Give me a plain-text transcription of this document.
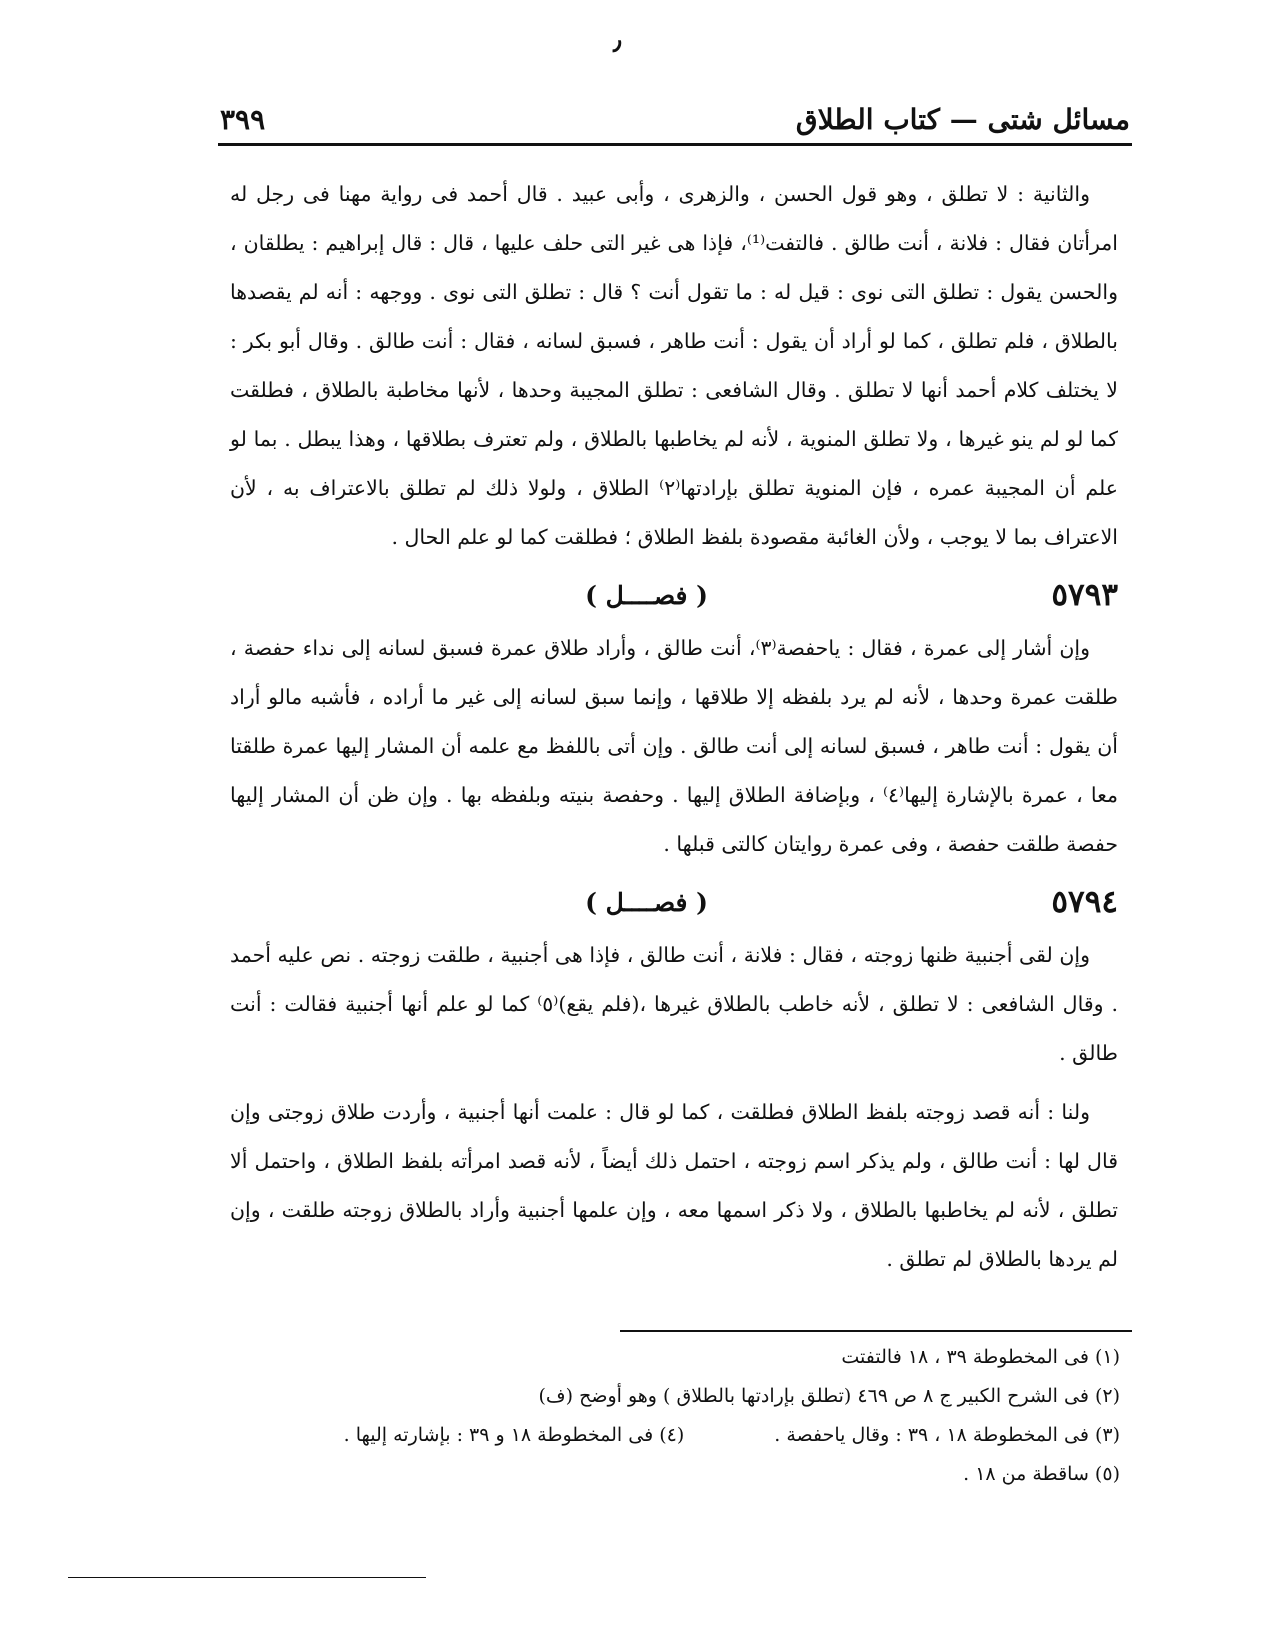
٫
مسائل شتى — كتاب الطلاق
٣٩٩

والثانية : لا تطلق ، وهو قول الحسن ، والزهرى ، وأبى عبيد . قال أحمد فى رواية مهنا فى رجل له امرأتان فقال : فلانة ، أنت طالق . فالتفت⁽¹⁾، فإذا هى غير التى حلف عليها ، قال : قال إبراهيم : يطلقان ، والحسن يقول : تطلق التى نوى : قيل له : ما تقول أنت ؟ قال : تطلق التى نوى . ووجهه : أنه لم يقصدها بالطلاق ، فلم تطلق ، كما لو أراد أن يقول : أنت طاهر ، فسبق لسانه ، فقال : أنت طالق . وقال أبو بكر : لا يختلف كلام أحمد أنها لا تطلق . وقال الشافعى : تطلق المجيبة وحدها ، لأنها مخاطبة بالطلاق ، فطلقت كما لو لم ينو غيرها ، ولا تطلق المنوية ، لأنه لم يخاطبها بالطلاق ، ولم تعترف بطلاقها ، وهذا يبطل . بما لو علم أن المجيبة عمره ، فإن المنوية تطلق بإرادتها⁽٢⁾ الطلاق ، ولولا ذلك لم تطلق بالاعتراف به ، لأن الاعتراف بما لا يوجب ، ولأن الغائبة مقصودة بلفظ الطلاق ؛ فطلقت كما لو علم الحال .

٥٧٩٣
( فصــــل )

وإن أشار إلى عمرة ، فقال : ياحفصة⁽٣⁾، أنت طالق ، وأراد طلاق عمرة فسبق لسانه إلى نداء حفصة ، طلقت عمرة وحدها ، لأنه لم يرد بلفظه إلا طلاقها ، وإنما سبق لسانه إلى غير ما أراده ، فأشبه مالو أراد أن يقول : أنت طاهر ، فسبق لسانه إلى أنت طالق . وإن أتى باللفظ مع علمه أن المشار إليها عمرة طلقتا معا ، عمرة بالإشارة إليها⁽٤⁾ ، وبإضافة الطلاق إليها . وحفصة بنيته وبلفظه بها . وإن ظن أن المشار إليها حفصة طلقت حفصة ، وفى عمرة روايتان كالتى قبلها .

٥٧٩٤
( فصــــل )

وإن لقى أجنبية ظنها زوجته ، فقال : فلانة ، أنت طالق ، فإذا هى أجنبية ، طلقت زوجته . نص عليه أحمد . وقال الشافعى : لا تطلق ، لأنه خاطب بالطلاق غيرها ،(فلم يقع)⁽٥⁾ كما لو علم أنها أجنبية فقالت : أنت طالق .

ولنا : أنه قصد زوجته بلفظ الطلاق فطلقت ، كما لو قال : علمت أنها أجنبية ، وأردت طلاق زوجتى وإن قال لها : أنت طالق ، ولم يذكر اسم زوجته ، احتمل ذلك أيضاً ، لأنه قصد امرأته بلفظ الطلاق ، واحتمل ألا تطلق ، لأنه لم يخاطبها بالطلاق ، ولا ذكر اسمها معه ، وإن علمها أجنبية وأراد بالطلاق زوجته طلقت ، وإن لم يردها بالطلاق لم تطلق .

(١) فى المخطوطة ٣٩ ، ١٨ فالتفتت

(٢) فى الشرح الكبير ج ٨ ص ٤٦٩ (تطلق بإرادتها بالطلاق ) وهو أوضح (ف)

(٣) فى المخطوطة ١٨ ، ٣٩ : وقال ياحفصة .
(٤) فى المخطوطة ١٨ و ٣٩ : بإشارته إليها .

(٥) ساقطة من ١٨ .
